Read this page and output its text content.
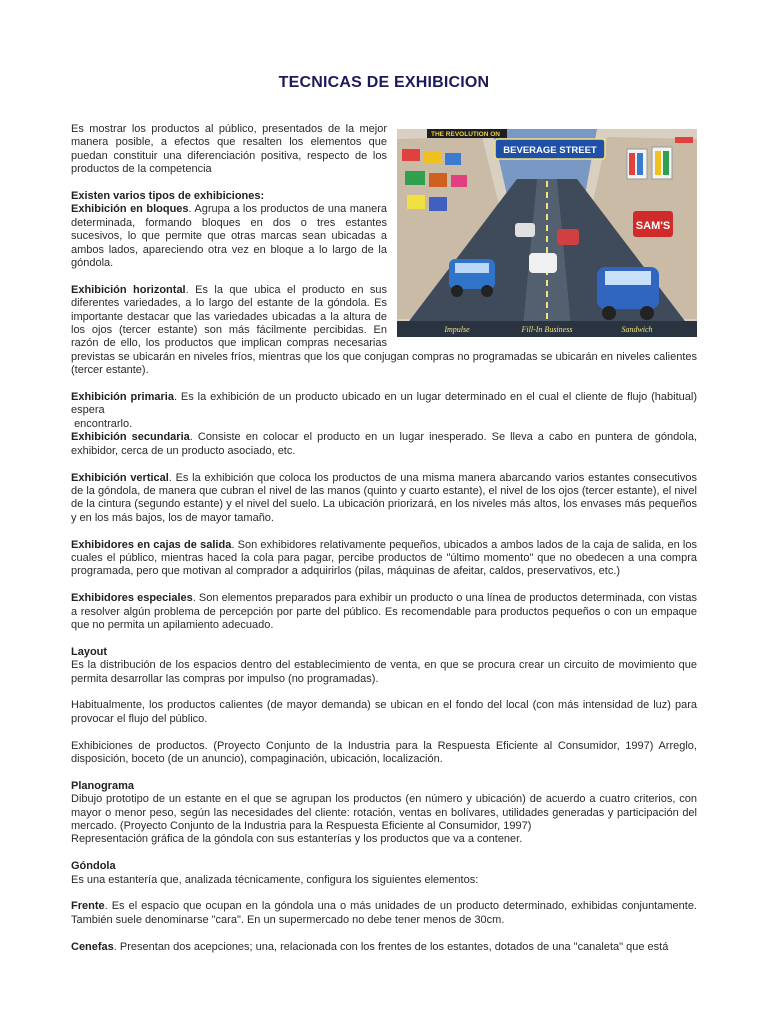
TECNICAS DE EXHIBICION
SAM'S
BEVERAGE STREET
THE REVOLUTION ON
Impulse	Fill-In Business	Sandwich

Es mostrar los productos al público, presentados de la mejor manera posible, a efectos que resalten los elementos que puedan constituir una diferenciación positiva, respecto de los productos de la competencia

Existen varios tipos de exhibiciones:

Exhibición en bloques. Agrupa a los productos de una manera determinada, formando bloques en dos o tres estantes sucesivos, lo que permite que otras marcas sean ubicadas a ambos lados, apareciendo otra vez en bloque a lo largo de la góndola.

Exhibición horizontal. Es la que ubica el producto en sus diferentes variedades, a lo largo del estante de la góndola. Es importante destacar que las variedades ubicadas a la altura de los ojos (tercer estante) son más fácilmente percibidas. En razón de ello, los productos que implican compras necesarias previstas se ubicarán en niveles fríos, mientras que los que conjugan compras no programadas se ubicarán en niveles calientes (tercer estante).

Exhibición primaria. Es la exhibición de un producto ubicado en un lugar determinado en el cual el cliente de flujo (habitual) espera
encontrarlo.

Exhibición secundaria. Consiste en colocar el producto en un lugar inesperado. Se lleva a cabo en puntera de góndola, exhibidor, cerca de un producto asociado, etc.

Exhibición vertical. Es la exhibición que coloca los productos de una misma manera abarcando varios estantes consecutivos de la góndola, de manera que cubran el nivel de las manos (quinto y cuarto estante), el nivel de los ojos (tercer estante), el nivel de la cintura (segundo estante) y el nivel del suelo. La ubicación priorizará, en los niveles más altos, los envases más pequeños y en los más bajos, los de mayor tamaño.

Exhibidores en cajas de salida. Son exhibidores relativamente pequeños, ubicados a ambos lados de la caja de salida, en los cuales el público, mientras haced la cola para pagar, percibe productos de "último momento" que no obedecen a una compra programada, pero que motivan al comprador a adquirirlos (pilas, máquinas de afeitar, caldos, preservativos, etc.)

Exhibidores especiales. Son elementos preparados para exhibir un producto o una línea de productos determinada, con vistas a resolver algún problema de percepción por parte del público. Es recomendable para productos pequeños o con un empaque que no permita un apilamiento adecuado.

Layout

Es la distribución de los espacios dentro del establecimiento de venta, en que se procura crear un circuito de movimiento que permita desarrollar las compras por impulso (no programadas).

Habitualmente, los productos calientes (de mayor demanda) se ubican en el fondo del local (con más intensidad de luz) para provocar el flujo del público.

Exhibiciones de productos. (Proyecto Conjunto de la Industria para la Respuesta Eficiente al Consumidor, 1997) Arreglo, disposición, boceto (de un anuncio), compaginación, ubicación, localización.

Planograma

Dibujo prototipo de un estante en el que se agrupan los productos (en número y ubicación) de acuerdo a cuatro criterios, con mayor o menor peso, según las necesidades del cliente: rotación, ventas en bolívares, utilidades generadas y participación del mercado. (Proyecto Conjunto de la Industria para la Respuesta Eficiente al Consumidor, 1997)

Representación gráfica de la góndola con sus estanterías y los productos que va a contener.

Góndola

Es una estantería que, analizada técnicamente, configura los siguientes elementos:

Frente. Es el espacio que ocupan en la góndola una o más unidades de un producto determinado, exhibidas conjuntamente. También suele denominarse "cara". En un supermercado no debe tener menos de 30cm.

Cenefas. Presentan dos acepciones; una, relacionada con los frentes de los estantes, dotados de una "canaleta" que está
